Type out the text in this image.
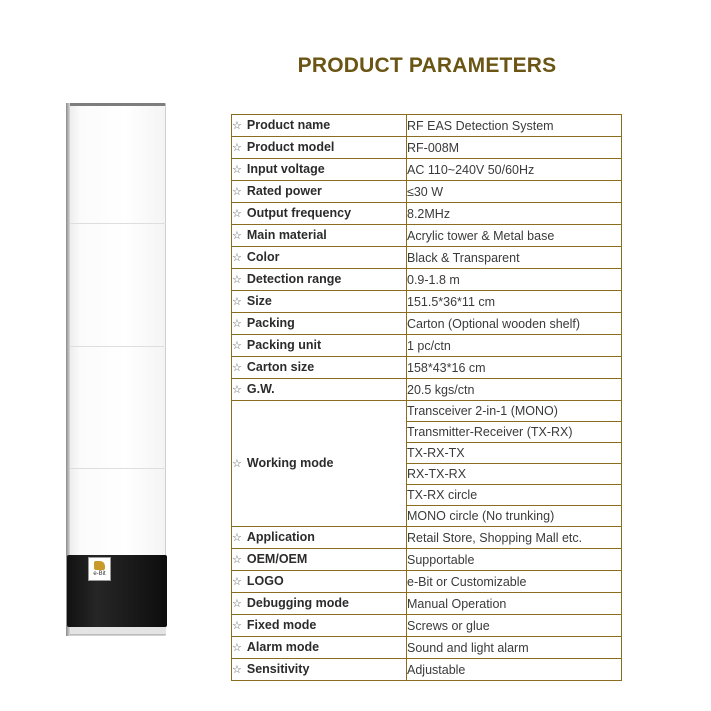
PRODUCT PARAMETERS
e-Bit
☆ Product name	RF EAS Detection System
☆ Product model	RF-008M
☆ Input voltage	AC 110~240V 50/60Hz
☆ Rated power	≤30 W
☆ Output frequency	8.2MHz
☆ Main material	Acrylic tower & Metal base
☆ Color	Black & Transparent
☆ Detection range	0.9-1.8 m
☆ Size	151.5*36*11 cm
☆ Packing	Carton (Optional wooden shelf)
☆ Packing unit	1 pc/ctn
☆ Carton size	158*43*16 cm
☆ G.W.	20.5 kgs/ctn
☆ Working mode	Transceiver 2-in-1 (MONO)
	Transmitter-Receiver (TX-RX)
	TX-RX-TX
	RX-TX-RX
	TX-RX circle
	MONO circle (No trunking)
☆ Application	Retail Store, Shopping Mall etc.
☆ OEM/OEM	Supportable
☆ LOGO	e-Bit or Customizable
☆ Debugging mode	Manual Operation
☆ Fixed mode	Screws or glue
☆ Alarm mode	Sound and light alarm
☆ Sensitivity	Adjustable
